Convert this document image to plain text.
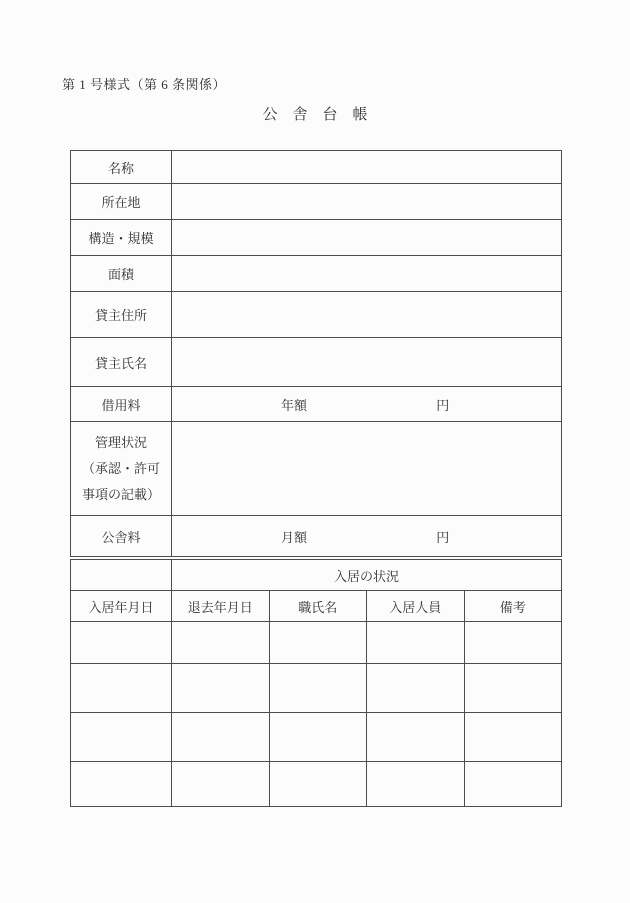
第 1 号様式（第 6 条関係）
公　舎　台　帳
名称	
所在地	
構造・規模	
面積	
貸主住所	
貸主氏名	
借用料	年額 円

管理状況
（承認・許可
事項の記載）	

公舎料	月額 円
	入居の状況			
入居年月日	退去年月日	職氏名	入居人員	備考
